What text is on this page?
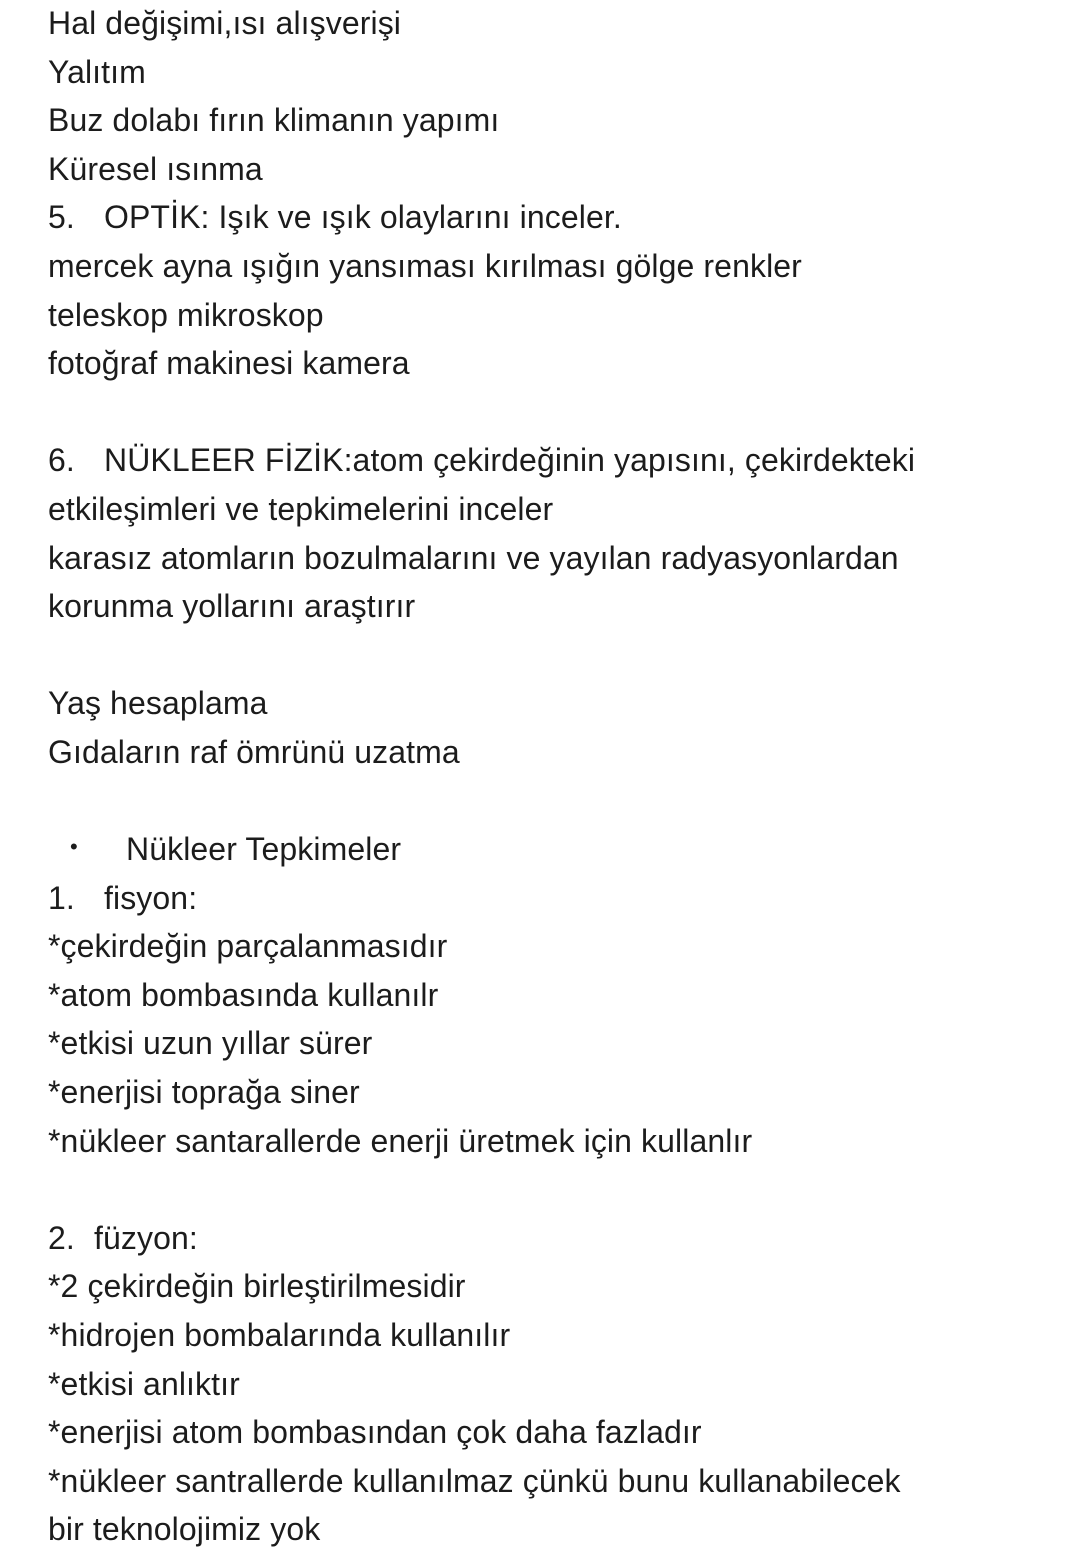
Hal değişimi,ısı alışverişi
Yalıtım
Buz dolabı fırın klimanın yapımı
Küresel ısınma
5. OPTİK: Işık ve ışık olaylarını inceler.
mercek ayna ışığın yansıması kırılması gölge renkler
teleskop mikroskop
fotoğraf makinesi kamera
6. NÜKLEER FİZİK:atom çekirdeğinin yapısını, çekirdekteki
etkileşimleri ve tepkimelerini inceler
karasız atomların bozulmalarını ve yayılan radyasyonlardan
korunma yollarını araştırır
Yaş hesaplama
Gıdaların raf ömrünü uzatma
• Nükleer Tepkimeler
1. fisyon:
*çekirdeğin parçalanmasıdır
*atom bombasında kullanılr
*etkisi uzun yıllar sürer
*enerjisi toprağa siner
*nükleer santarallerde enerji üretmek için kullanlır
2. füzyon:
*2 çekirdeğin birleştirilmesidir
*hidrojen bombalarında kullanılır
*etkisi anlıktır
*enerjisi atom bombasından çok daha fazladır
*nükleer santrallerde kullanılmaz çünkü bunu kullanabilecek
bir teknolojimiz yok
